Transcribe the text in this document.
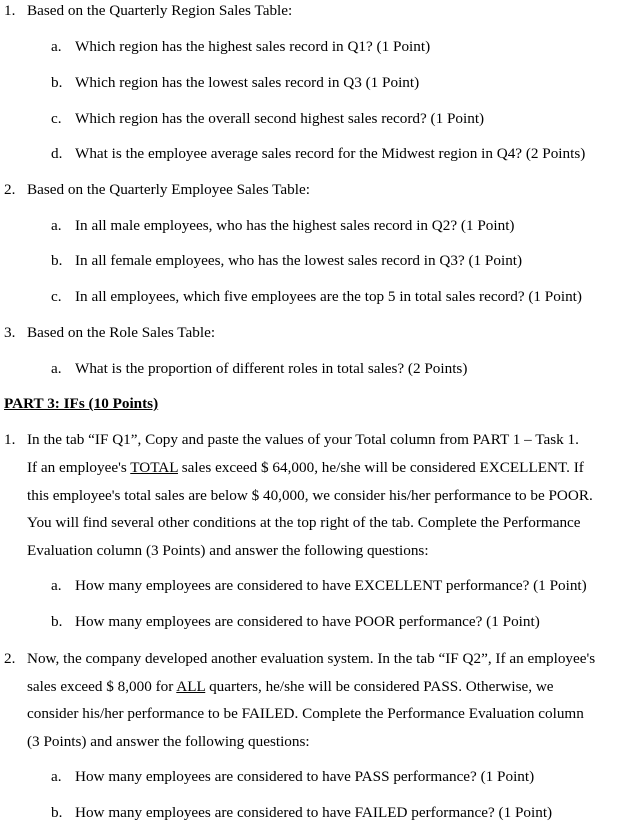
1. Based on the Quarterly Region Sales Table:
a. Which region has the highest sales record in Q1? (1 Point)
b. Which region has the lowest sales record in Q3 (1 Point)
c. Which region has the overall second highest sales record? (1 Point)
d. What is the employee average sales record for the Midwest region in Q4? (2 Points)
2. Based on the Quarterly Employee Sales Table:
a. In all male employees, who has the highest sales record in Q2? (1 Point)
b. In all female employees, who has the lowest sales record in Q3? (1 Point)
c. In all employees, which five employees are the top 5 in total sales record? (1 Point)
3. Based on the Role Sales Table:
a. What is the proportion of different roles in total sales? (2 Points)
PART 3: IFs (10 Points)
1. In the tab “IF Q1”, Copy and paste the values of your Total column from PART 1 – Task 1.
If an employee's TOTAL sales exceed $ 64,000, he/she will be considered EXCELLENT. If
this employee's total sales are below $ 40,000, we consider his/her performance to be POOR.
You will find several other conditions at the top right of the tab. Complete the Performance
Evaluation column (3 Points) and answer the following questions:
a. How many employees are considered to have EXCELLENT performance? (1 Point)
b. How many employees are considered to have POOR performance? (1 Point)
2. Now, the company developed another evaluation system. In the tab “IF Q2”, If an employee's
sales exceed $ 8,000 for ALL quarters, he/she will be considered PASS. Otherwise, we
consider his/her performance to be FAILED. Complete the Performance Evaluation column
(3 Points) and answer the following questions:
a. How many employees are considered to have PASS performance? (1 Point)
b. How many employees are considered to have FAILED performance? (1 Point)
